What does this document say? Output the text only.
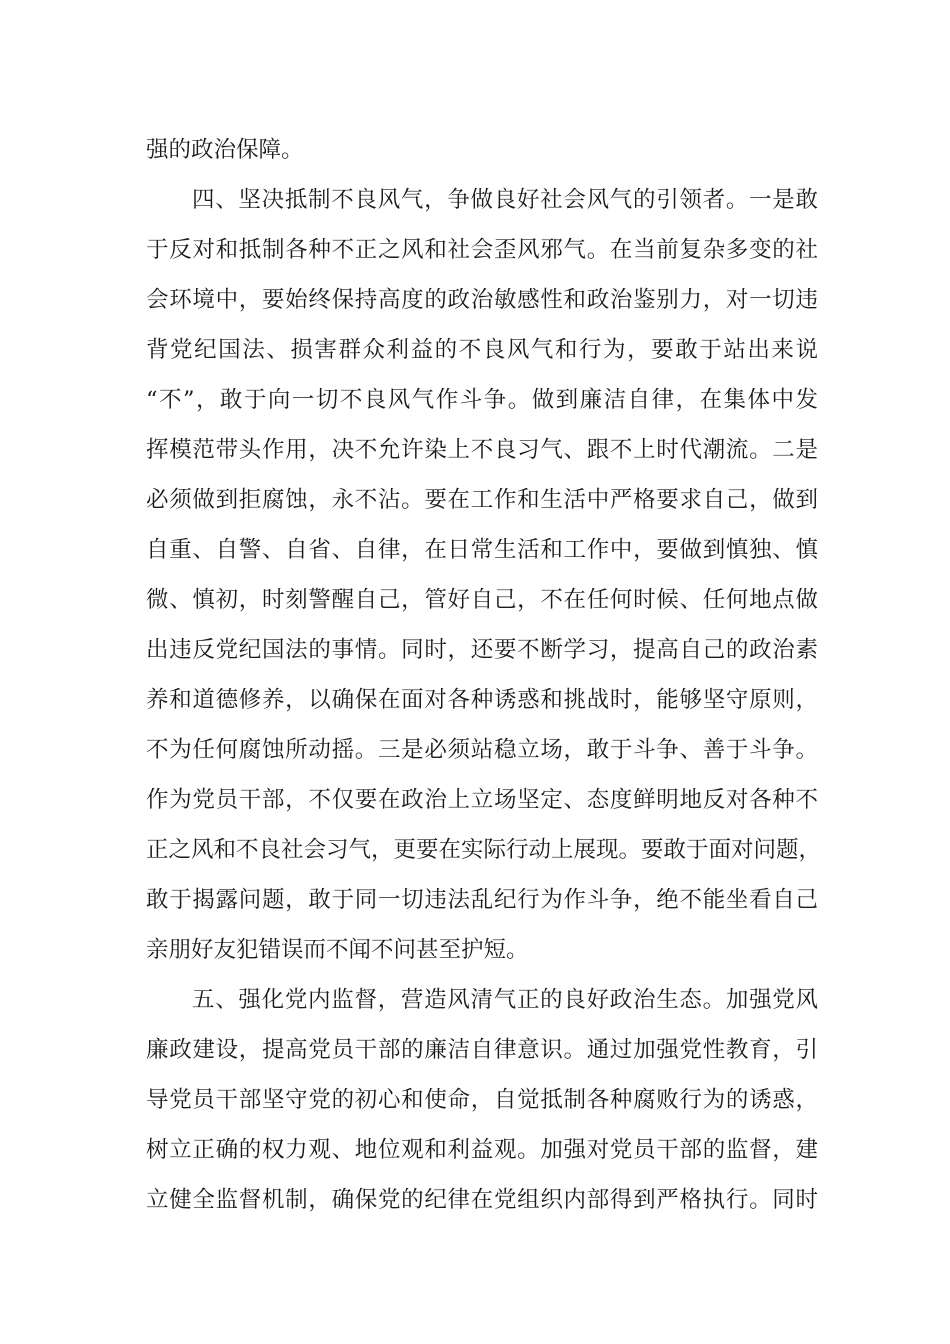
强的政治保障。
四、坚决抵制不良风气，争做良好社会风气的引领者。一是敢
于反对和抵制各种不正之风和社会歪风邪气。在当前复杂多变的社
会环境中，要始终保持高度的政治敏感性和政治鉴别力，对一切违
背党纪国法、损害群众利益的不良风气和行为，要敢于站出来说
“不”，敢于向一切不良风气作斗争。做到廉洁自律，在集体中发
挥模范带头作用，决不允许染上不良习气、跟不上时代潮流。二是
必须做到拒腐蚀，永不沾。要在工作和生活中严格要求自己，做到
自重、自警、自省、自律，在日常生活和工作中，要做到慎独、慎
微、慎初，时刻警醒自己，管好自己，不在任何时候、任何地点做
出违反党纪国法的事情。同时，还要不断学习，提高自己的政治素
养和道德修养，以确保在面对各种诱惑和挑战时，能够坚守原则，
不为任何腐蚀所动摇。三是必须站稳立场，敢于斗争、善于斗争。
作为党员干部，不仅要在政治上立场坚定、态度鲜明地反对各种不
正之风和不良社会习气，更要在实际行动上展现。要敢于面对问题，
敢于揭露问题，敢于同一切违法乱纪行为作斗争，绝不能坐看自己
亲朋好友犯错误而不闻不问甚至护短。
五、强化党内监督，营造风清气正的良好政治生态。加强党风
廉政建设，提高党员干部的廉洁自律意识。通过加强党性教育，引
导党员干部坚守党的初心和使命，自觉抵制各种腐败行为的诱惑，
树立正确的权力观、地位观和利益观。加强对党员干部的监督，建
立健全监督机制，确保党的纪律在党组织内部得到严格执行。同时
